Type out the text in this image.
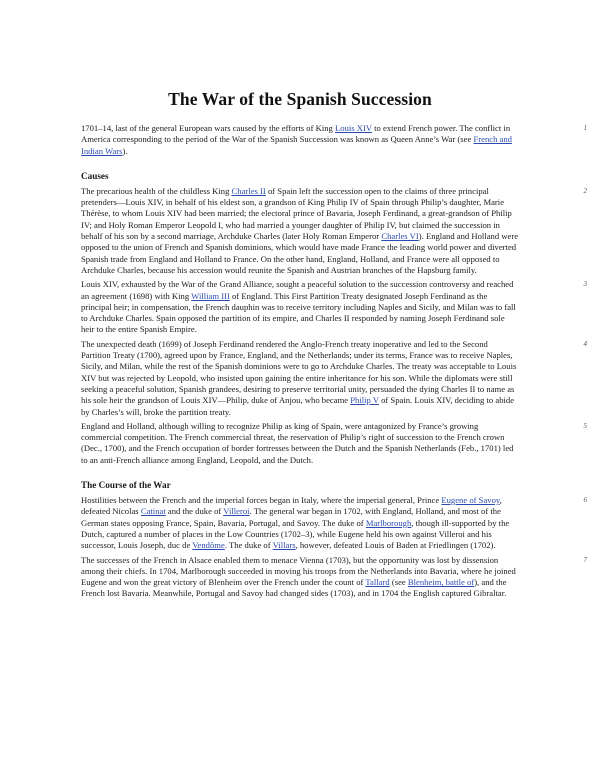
The War of the Spanish Succession

1
1701–14, last of the general European wars caused by the efforts of King Louis XIV to extend French power. The conflict in America corresponding to the period of the War of the Spanish Succession was known as Queen Anne’s War (see French and Indian Wars).

Causes

2
The precarious health of the childless King Charles II of Spain left the succession open to the claims of three principal pretenders—Louis XIV, in behalf of his eldest son, a grandson of King Philip IV of Spain through Philip’s daughter, Marie Thérèse, to whom Louis XIV had been married; the electoral prince of Bavaria, Joseph Ferdinand, a great-grandson of Philip IV; and Holy Roman Emperor Leopold I, who had married a younger daughter of Philip IV, but claimed the succession in behalf of his son by a second marriage, Archduke Charles (later Holy Roman Emperor Charles VI). England and Holland were opposed to the union of French and Spanish dominions, which would have made France the leading world power and diverted Spanish trade from England and Holland to France. On the other hand, England, Holland, and France were all opposed to Archduke Charles, because his accession would reunite the Spanish and Austrian branches of the Hapsburg family.

3
Louis XIV, exhausted by the War of the Grand Alliance, sought a peaceful solution to the succession controversy and reached an agreement (1698) with King William III of England. This First Partition Treaty designated Joseph Ferdinand as the principal heir; in compensation, the French dauphin was to receive territory including Naples and Sicily, and Milan was to fall to Archduke Charles. Spain opposed the partition of its empire, and Charles II responded by naming Joseph Ferdinand sole heir to the entire Spanish Empire.

4
The unexpected death (1699) of Joseph Ferdinand rendered the Anglo-French treaty inoperative and led to the Second Partition Treaty (1700), agreed upon by France, England, and the Netherlands; under its terms, France was to receive Naples, Sicily, and Milan, while the rest of the Spanish dominions were to go to Archduke Charles. The treaty was acceptable to Louis XIV but was rejected by Leopold, who insisted upon gaining the entire inheritance for his son. While the diplomats were still seeking a peaceful solution, Spanish grandees, desiring to preserve territorial unity, persuaded the dying Charles II to name as his sole heir the grandson of Louis XIV—Philip, duke of Anjou, who became Philip V of Spain. Louis XIV, deciding to abide by Charles’s will, broke the partition treaty.

5
England and Holland, although willing to recognize Philip as king of Spain, were antagonized by France’s growing commercial competition. The French commercial threat, the reservation of Philip’s right of succession to the French crown (Dec., 1700), and the French occupation of border fortresses between the Dutch and the Spanish Netherlands (Feb., 1701) led to an anti-French alliance among England, Leopold, and the Dutch.

The Course of the War

6
Hostilities between the French and the imperial forces began in Italy, where the imperial general, Prince Eugene of Savoy, defeated Nicolas Catinat and the duke of Villeroi. The general war began in 1702, with England, Holland, and most of the German states opposing France, Spain, Bavaria, Portugal, and Savoy. The duke of Marlborough, though ill-supported by the Dutch, captured a number of places in the Low Countries (1702–3), while Eugene held his own against Villeroi and his successor, Louis Joseph, duc de Vendôme. The duke of Villars, however, defeated Louis of Baden at Friedlingen (1702).

7
The successes of the French in Alsace enabled them to menace Vienna (1703), but the opportunity was lost by dissension among their chiefs. In 1704, Marlborough succeeded in moving his troops from the Netherlands into Bavaria, where he joined Eugene and won the great victory of Blenheim over the French under the count of Tallard (see Blenheim, battle of), and the French lost Bavaria. Meanwhile, Portugal and Savoy had changed sides (1703), and in 1704 the English captured Gibraltar.
